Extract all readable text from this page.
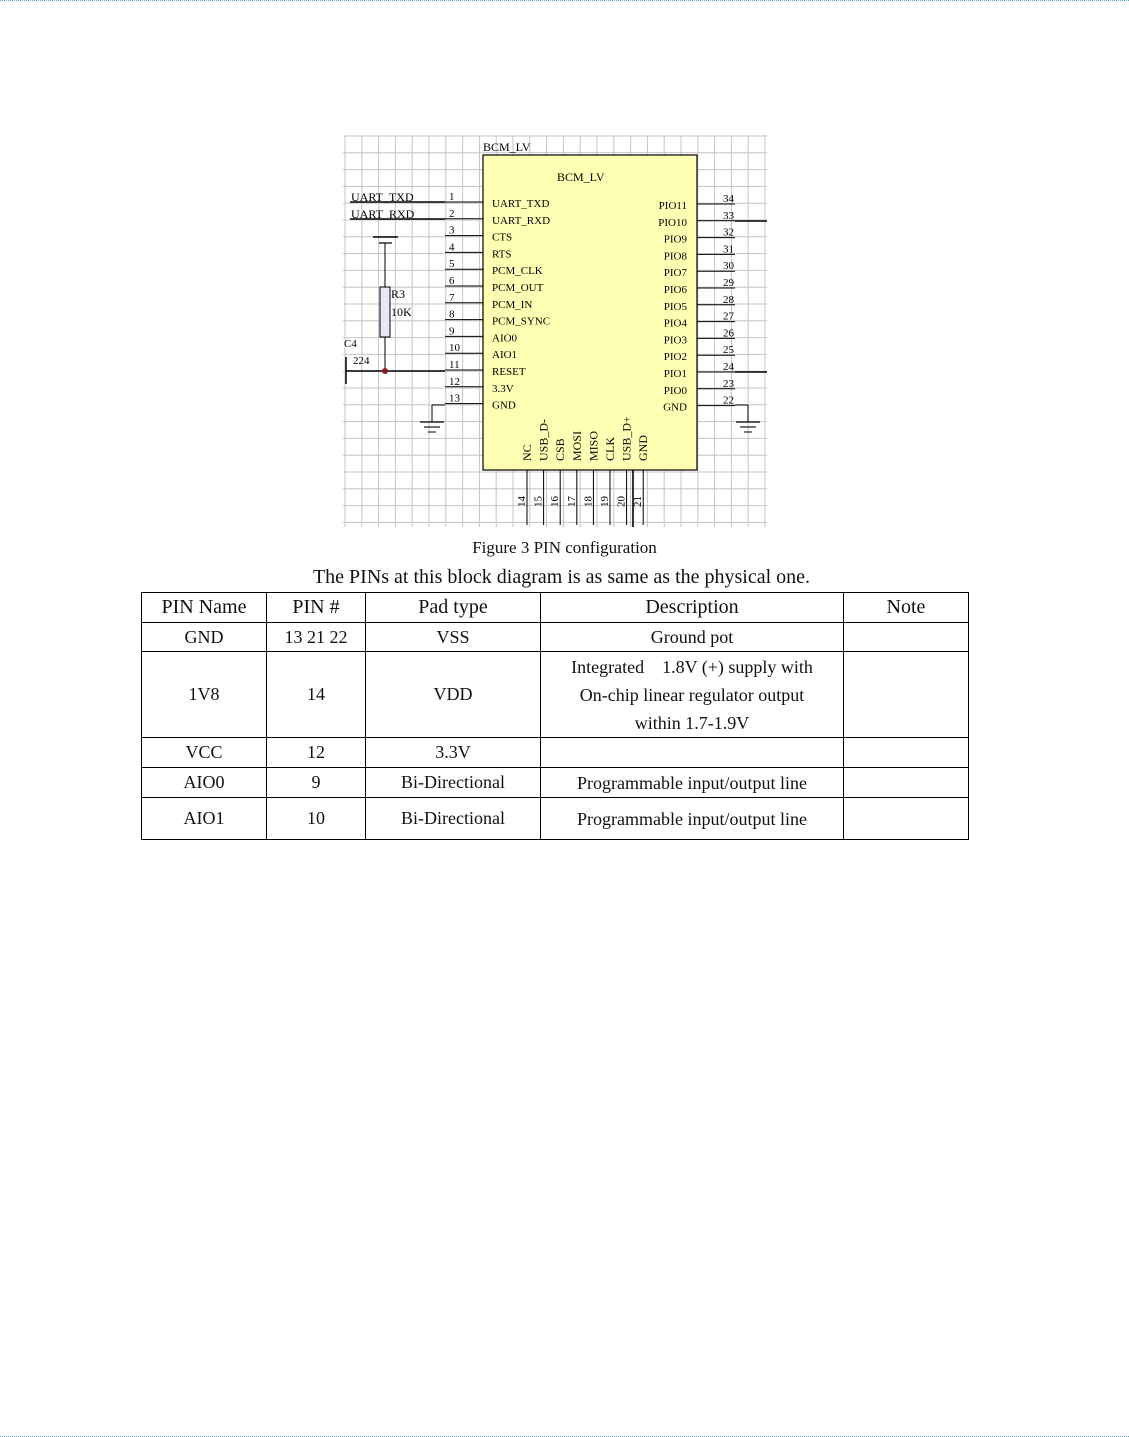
BCM_LV
BCM_LV
1
UART_TXD
2
UART_RXD
3
CTS
4
RTS
5
PCM_CLK
6
PCM_OUT
7
PCM_IN
8
PCM_SYNC
9
AIO0
10
AIO1
11
RESET
12
3.3V
13
GND
34
PIO11
33
PIO10
32
PIO9
31
PIO8
30
PIO7
29
PIO6
28
PIO5
27
PIO4
26
PIO3
25
PIO2
24
PIO1
23
PIO0
22
GND
14
NC
15
USB_D-
16
CSB
17
MOSI
18
MISO
19
CLK
20
USB_D+
21
GND
UART_TXD
UART_RXD
R3
10K
C4
224
Figure 3 PIN configuration
The PINs at this block diagram is as same as the physical one.
PIN Name	PIN #	Pad type	Description	Note
GND	13 21 22	VSS	Ground pot	

1V8	14	VDD	Integrated　1.8V (+) supply with
On-chip linear regulator output
within 1.7-1.9V	

VCC	12	3.3V	

AIO0	9	Bi-Directional	Programmable input/output line	

AIO1	10	Bi-Directional	Programmable input/output line	
